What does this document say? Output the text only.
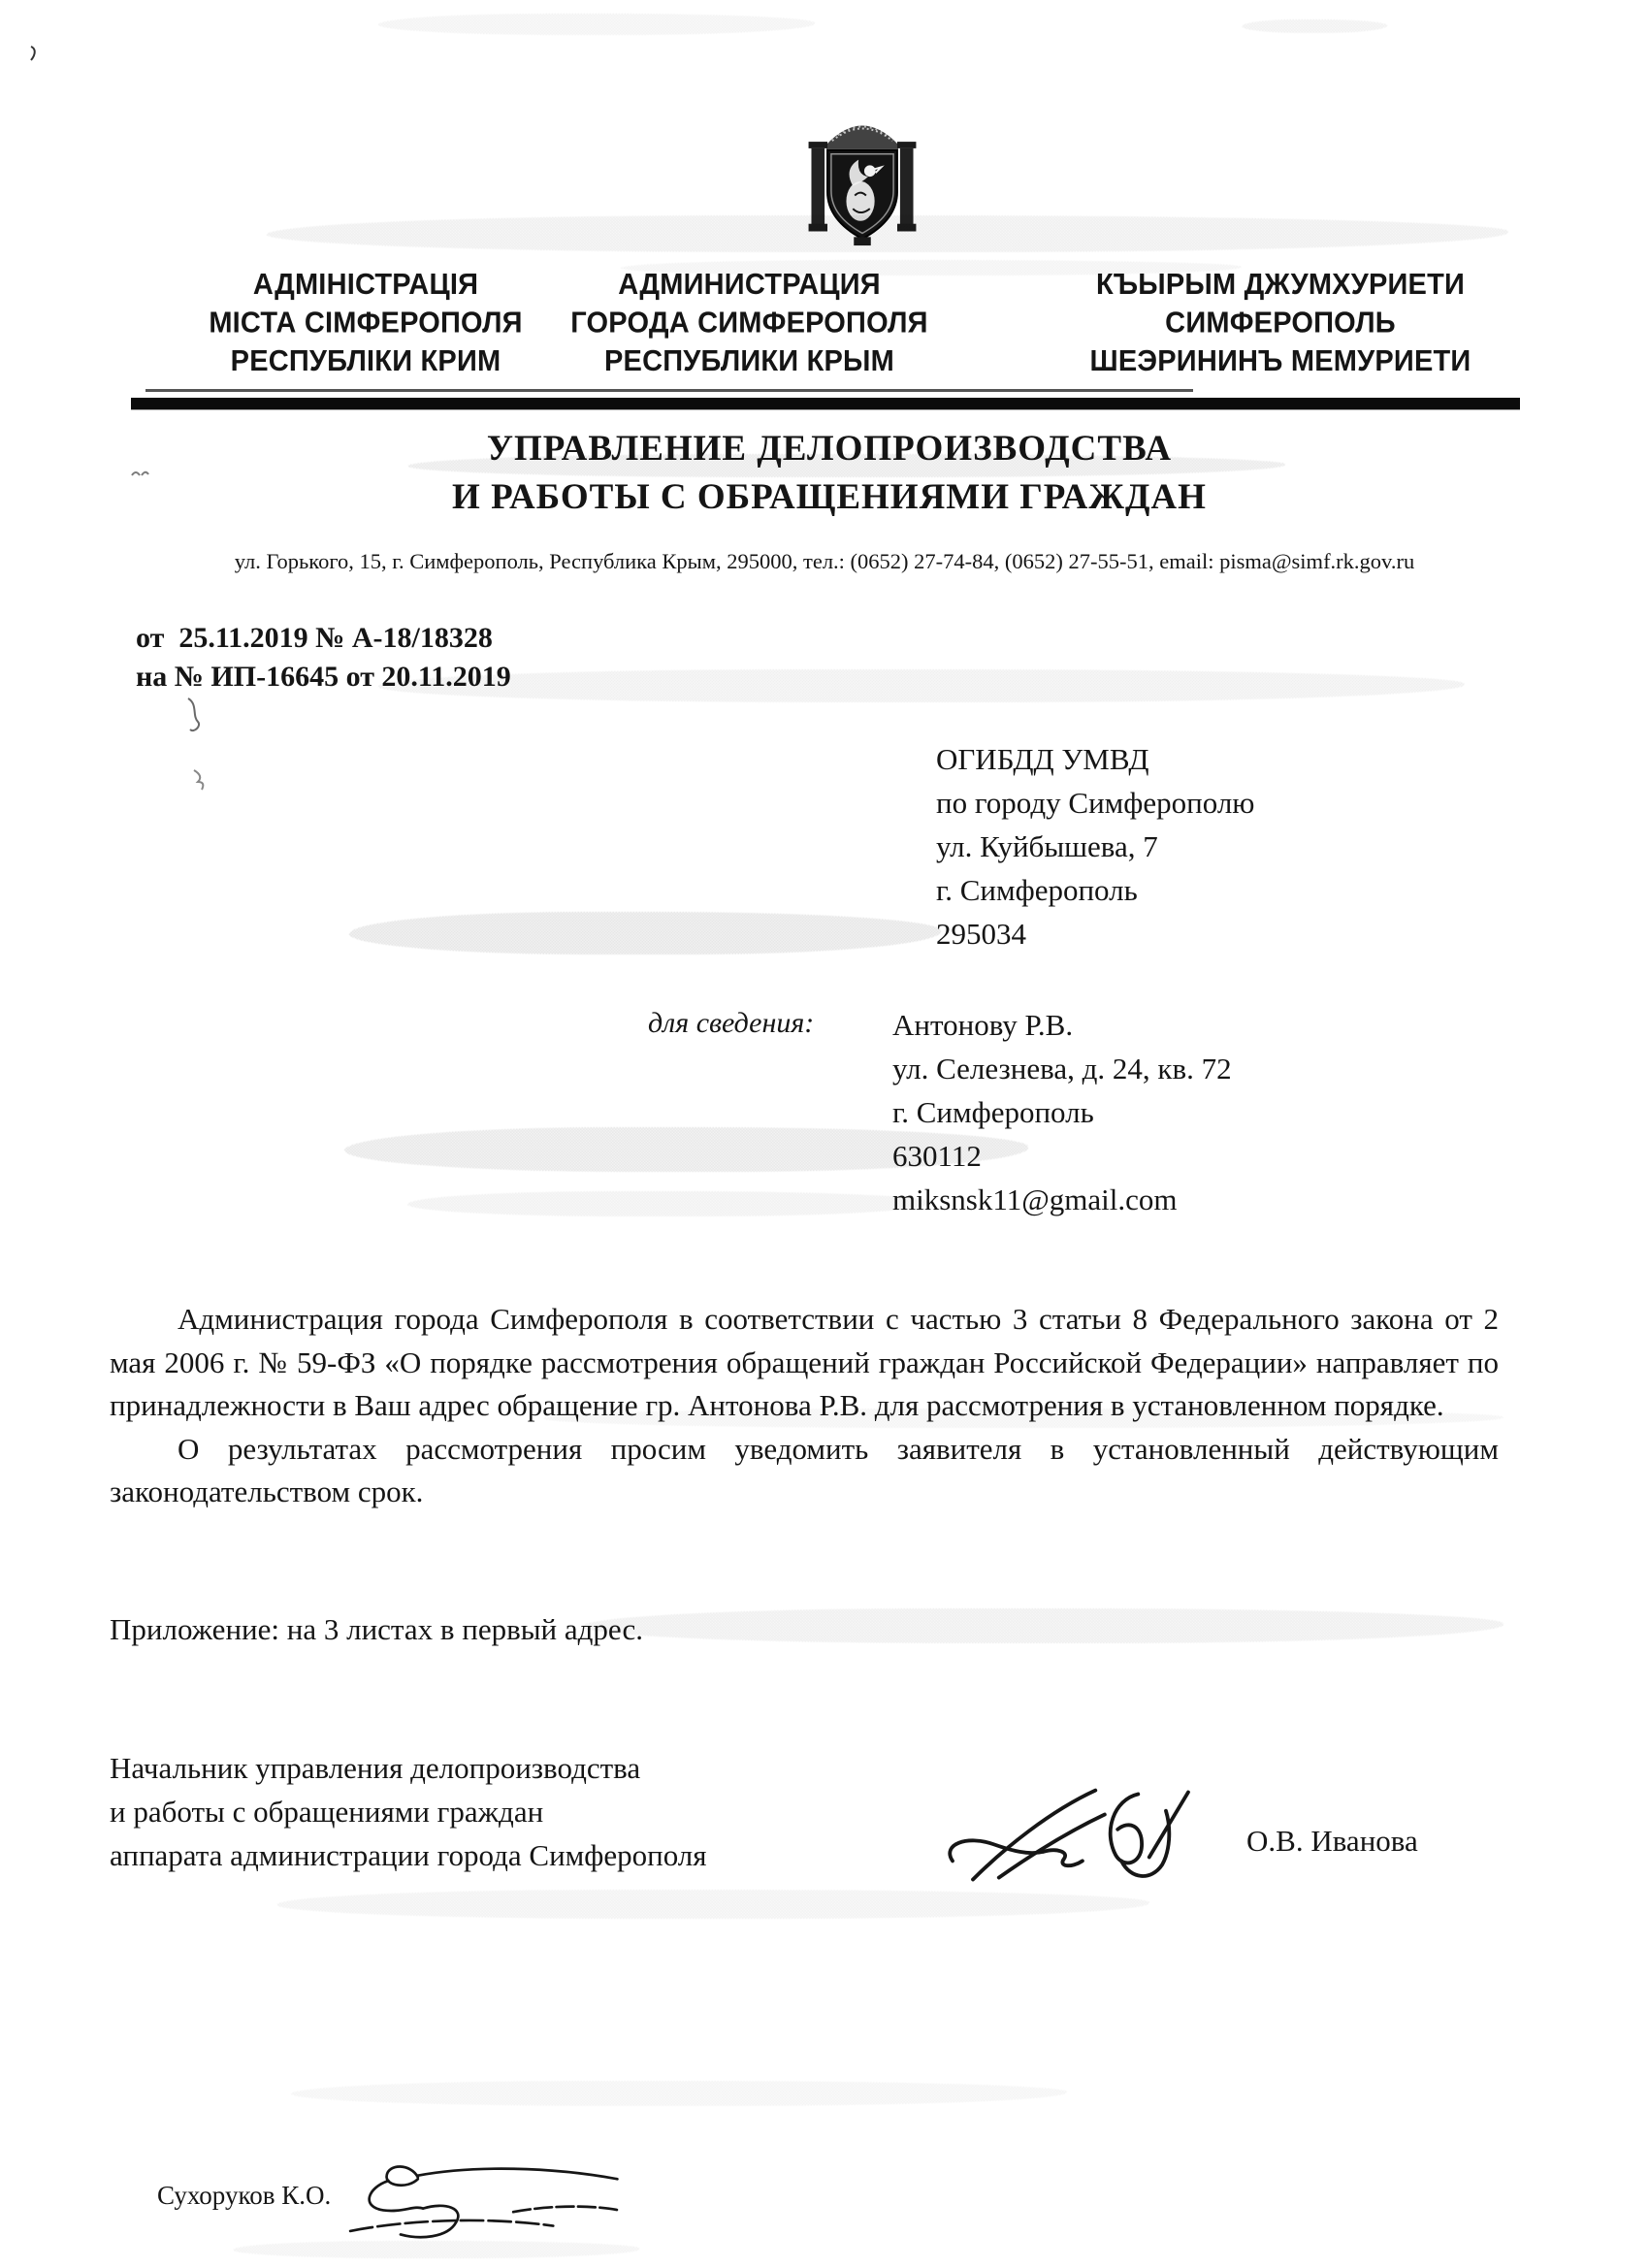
АДМІНІСТРАЦІЯ
МІСТА СІМФЕРОПОЛЯ
РЕСПУБЛІКИ КРИМ
АДМИНИСТРАЦИЯ
ГОРОДА СИМФЕРОПОЛЯ
РЕСПУБЛИКИ КРЫМ
КЪЫРЫМ ДЖУМХУРИЕТИ
СИМФЕРОПОЛЬ
ШЕЭРИНИНЪ МЕМУРИЕТИ
УПРАВЛЕНИЕ ДЕЛОПРОИЗВОДСТВА
И РАБОТЫ С ОБРАЩЕНИЯМИ ГРАЖДАН
ул. Горького, 15, г. Симферополь, Республика Крым, 295000, тел.: (0652) 27-74-84, (0652) 27-55-51, email: pisma@simf.rk.gov.ru
от  25.11.2019 № А-18/18328
на № ИП-16645 от 20.11.2019
ОГИБДД УМВД
по городу Симферополю
ул. Куйбышева, 7
г. Симферополь
295034
для сведения:	Антонову Р.В.
ул. Селезнева, д. 24, кв. 72
г. Симферополь
630112
miksnsk11@gmail.com

Администрация города Симферополя в соответствии с частью 3 статьи 8 Федерального закона от 2 мая 2006 г. № 59-ФЗ «О порядке рассмотрения обращений граждан Российской Федерации» направляет по принадлежности в Ваш адрес обращение гр. Антонова Р.В. для рассмотрения в установленном порядке.

О результатах рассмотрения просим уведомить заявителя в установленный действующим законодательством срок.

Приложение: на 3 листах в первый адрес.
Начальник управления делопроизводства
и работы с обращениями граждан
аппарата администрации города Симферополя	О.В. Иванова
Сухоруков К.О.
